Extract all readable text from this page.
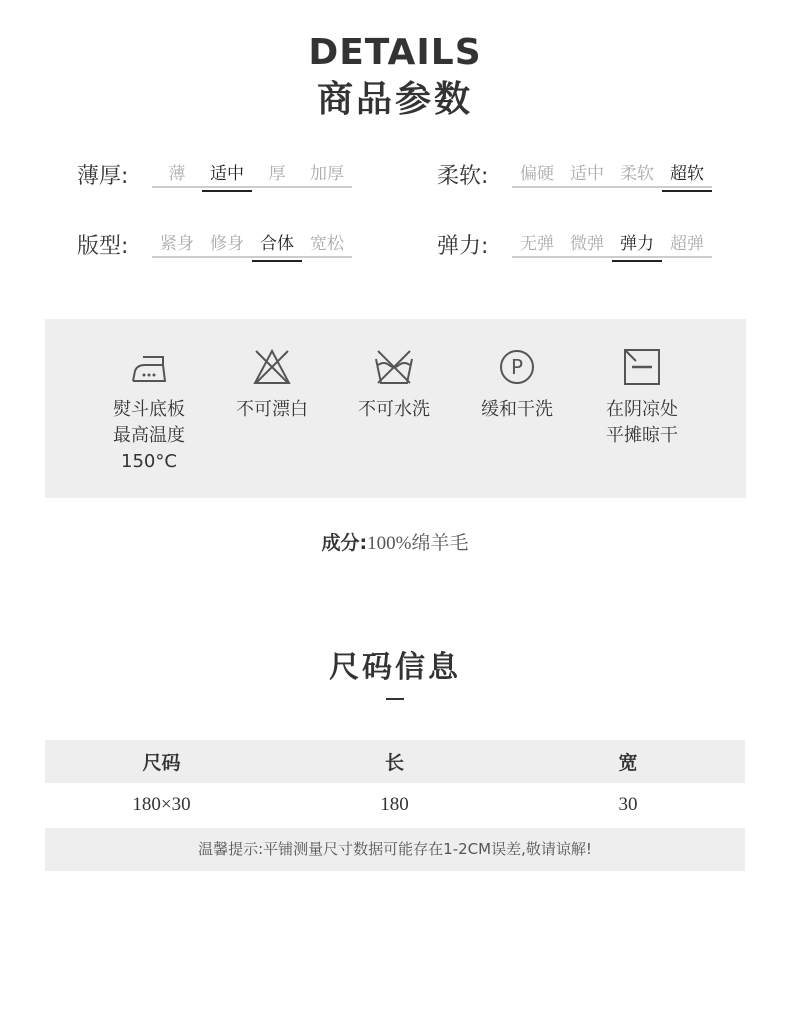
DETAILS
商品参数
薄厚:	薄	适中	厚	加厚	柔软:	偏硬 适中 柔软 超软
版型:	紧身 修身 合体 宽松	弹力:	无弹 微弹 弹力 超弹
熨斗底板
最高温度
150°C
不可漂白	不可水洗
P
缓和干洗	在阴凉处
平摊晾干
成分:100%绵羊毛
尺码信息
尺码	长	宽
180×30	180	30
温馨提示:平铺测量尺寸数据可能存在1-2CM误差,敬请谅解!
